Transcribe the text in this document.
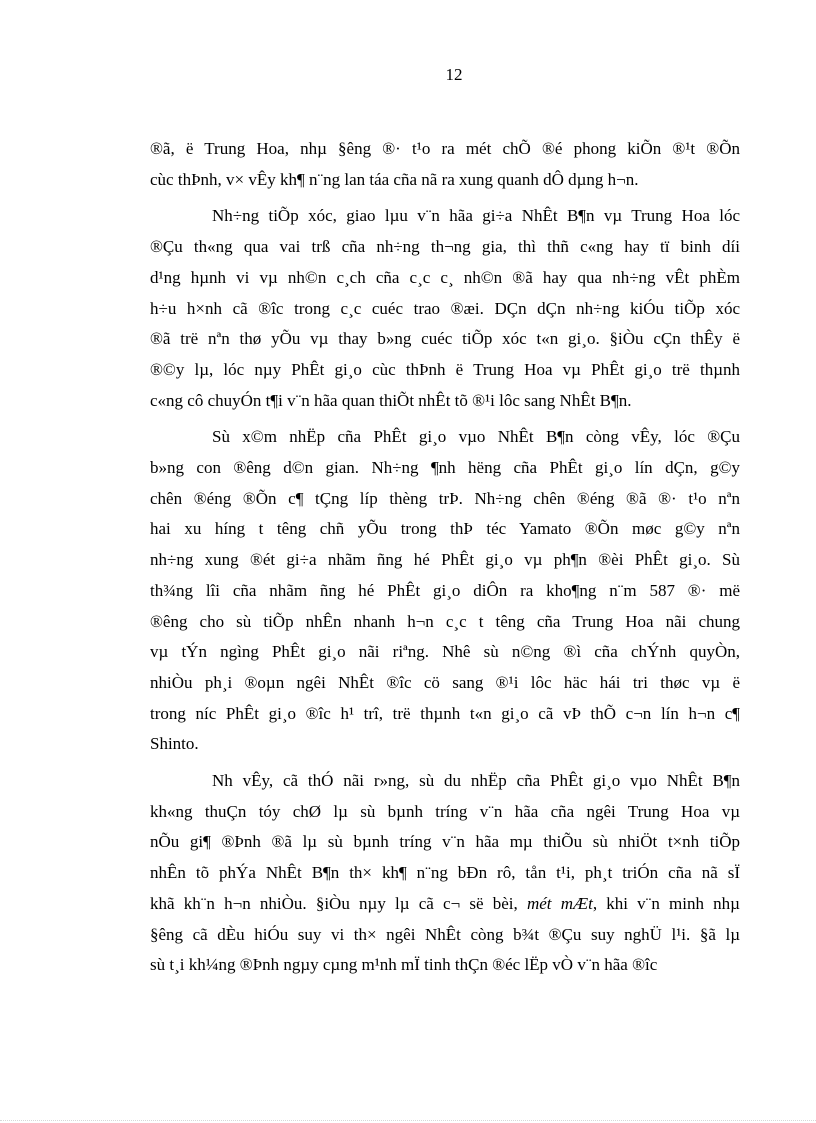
12

®ã, ë Trung Hoa, nhµ §êng ®· t¹o ra mét chÕ ®é phong kiÕn ®¹t ®Õn
cùc thÞnh, v× vÊy kh¶ n¨ng lan táa cña nã ra xung quanh dÔ dµng h¬n.

Nh÷ng tiÕp xóc, giao lµu v¨n hãa gi÷a NhÊt B¶n vµ Trung Hoa lóc
®Çu th«ng qua vai trß cña nh÷ng th¬ng gia, thì thñ c«ng hay tï binh díi
d¹ng hµnh vi vµ nh©n c¸ch cña c¸c c¸ nh©n ®ã hay qua nh÷ng vÊt phÈm
h÷u h×nh cã ®îc trong c¸c cuéc trao ®æi. DÇn dÇn nh÷ng kiÓu tiÕp xóc
®ã trë nªn thø yÕu vµ thay b»ng cuéc tiÕp xóc t«n gi¸o. §iÒu cÇn thÊy ë
®©y lµ, lóc nµy PhÊt gi¸o cùc thÞnh ë Trung Hoa vµ PhÊt gi¸o trë thµnh
c«ng cô chuyÓn t¶i v¨n hãa quan thiÕt nhÊt tõ ®¹i lôc sang NhÊt B¶n.

Sù x©m nhËp cña PhÊt gi¸o vµo NhÊt B¶n còng vÊy, lóc ®Çu
b»ng con ®êng d©n gian. Nh÷ng ¶nh hëng cña PhÊt gi¸o lín dÇn, g©y
chên ®éng ®Õn c¶ tÇng líp thèng trÞ. Nh÷ng chên ®éng ®ã ®· t¹o nªn
hai xu híng t têng chñ yÕu trong thÞ téc Yamato ®Õn møc g©y nªn
nh÷ng xung ®ét gi÷a nhãm ñng hé PhÊt gi¸o vµ ph¶n ®èi PhÊt gi¸o. Sù
th¾ng lîi cña nhãm ñng hé PhÊt gi¸o diÔn ra kho¶ng n¨m 587 ®· më
®êng cho sù tiÕp nhÊn nhanh h¬n c¸c t têng cña Trung Hoa nãi chung
vµ tÝn ngìng PhÊt gi¸o nãi riªng. Nhê sù n©ng ®ì cña chÝnh quyÒn,
nhiÒu ph¸i ®oµn ngêi NhÊt ®îc cö sang ®¹i lôc häc hái tri thøc vµ ë
trong níc PhÊt gi¸o ®îc h¹ trî, trë thµnh t«n gi¸o cã vÞ thÕ c¬n lín h¬n c¶
Shinto.

Nh vÊy, cã thÓ nãi r»ng, sù du nhËp cña PhÊt gi¸o vµo NhÊt B¶n
kh«ng thuÇn tóy chØ lµ sù bµnh tríng v¨n hãa cña ngêi Trung Hoa vµ
nÕu gi¶ ®Þnh ®ã lµ sù bµnh tríng v¨n hãa mµ thiÕu sù nhiÖt t×nh tiÕp
nhÊn tõ phÝa NhÊt B¶n th× kh¶ n¨ng bÐn rô, tån t¹i, ph¸t triÓn cña nã sÏ
khã kh¨n h¬n nhiÒu. §iÒu nµy lµ cã c¬ së bèi, mét mÆt, khi v¨n minh nhµ
§êng cã dÈu hiÓu suy vi th× ngêi NhÊt còng b¾t ®Çu suy nghÜ l¹i. §ã lµ
sù t¸i kh¼ng ®Þnh ngµy cµng m¹nh mÏ tinh thÇn ®éc lËp vÒ v¨n hãa ®îc
